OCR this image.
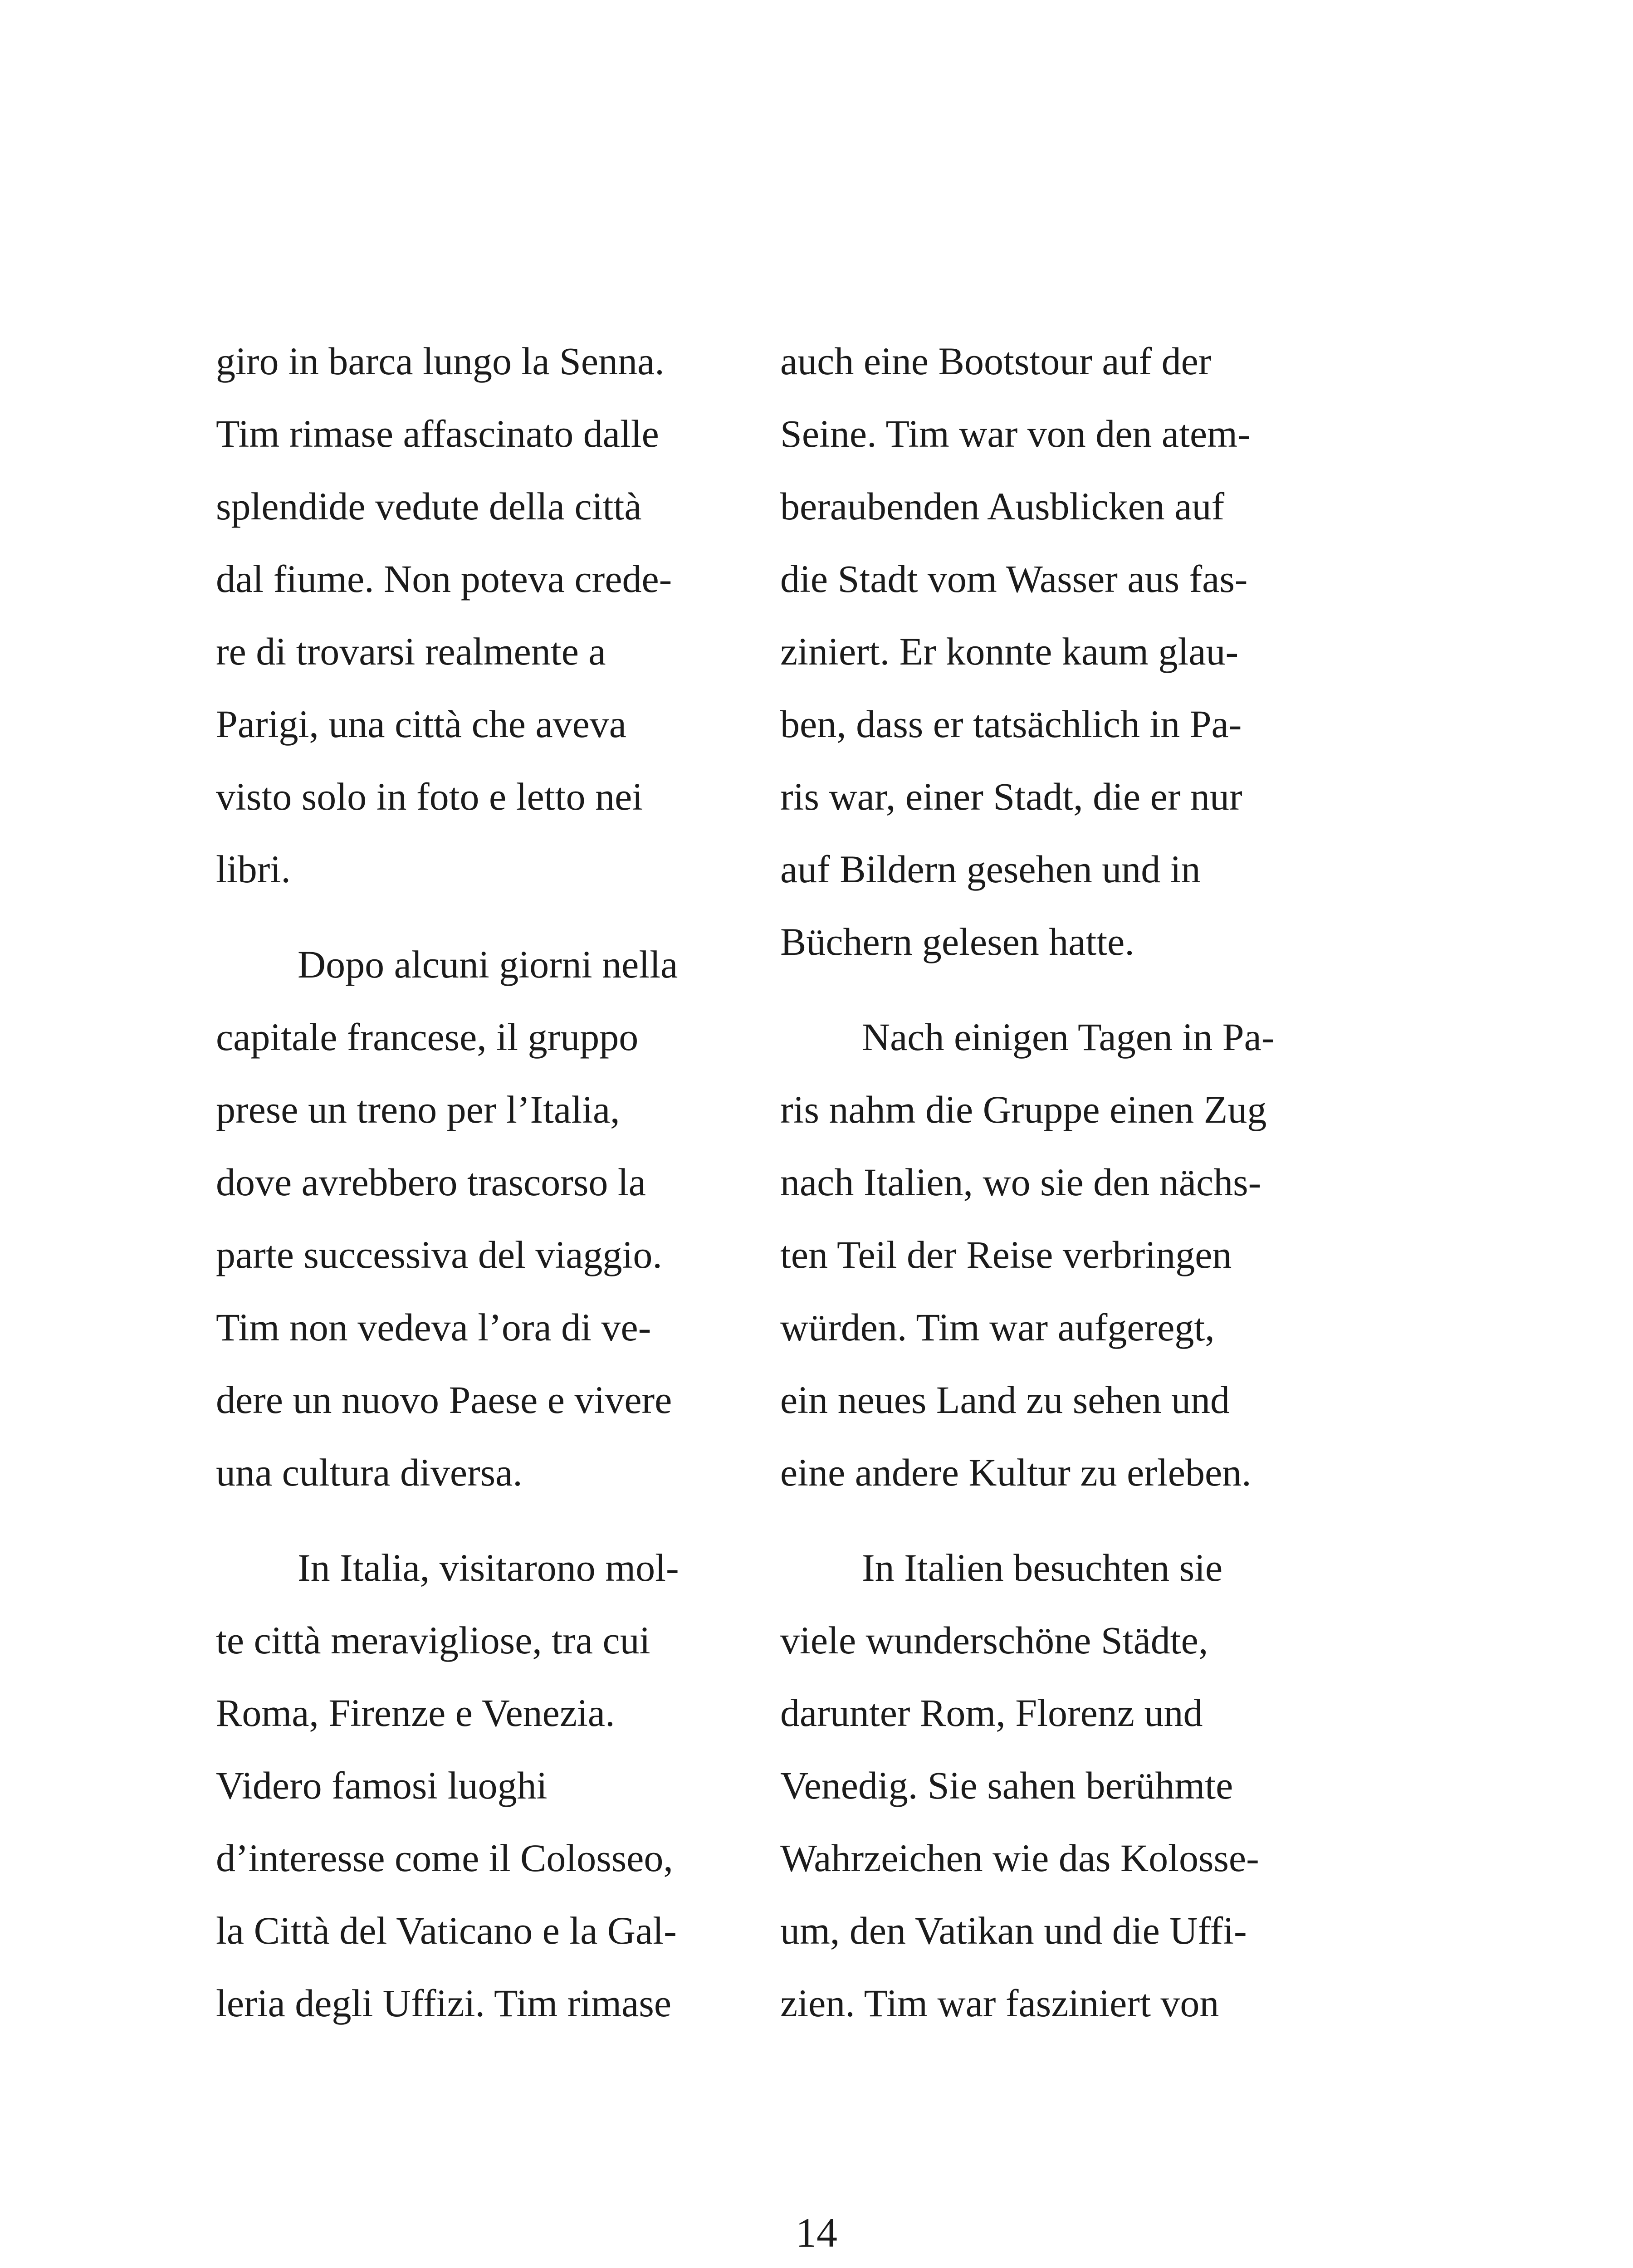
giro in barca lungo la Senna.
Tim rimase affascinato dalle
splendide vedute della città
dal fiume. Non poteva crede-
re di trovarsi realmente a
Parigi, una città che aveva
visto solo in foto e letto nei
libri.

Dopo alcuni giorni nella
capitale francese, il gruppo
prese un treno per l’Italia,
dove avrebbero trascorso la
parte successiva del viaggio.
Tim non vedeva l’ora di ve-
dere un nuovo Paese e vivere
una cultura diversa.

In Italia, visitarono mol-
te città meravigliose, tra cui
Roma, Firenze e Venezia.
Videro famosi luoghi
d’interesse come il Colosseo,
la Città del Vaticano e la Gal-
leria degli Uffizi. Tim rimase

auch eine Bootstour auf der
Seine. Tim war von den atem-
beraubenden Ausblicken auf
die Stadt vom Wasser aus fas-
ziniert. Er konnte kaum glau-
ben, dass er tatsächlich in Pa-
ris war, einer Stadt, die er nur
auf Bildern gesehen und in
Büchern gelesen hatte.

Nach einigen Tagen in Pa-
ris nahm die Gruppe einen Zug
nach Italien, wo sie den nächs-
ten Teil der Reise verbringen
würden. Tim war aufgeregt,
ein neues Land zu sehen und
eine andere Kultur zu erleben.

In Italien besuchten sie
viele wunderschöne Städte,
darunter Rom, Florenz und
Venedig. Sie sahen berühmte
Wahrzeichen wie das Kolosse-
um, den Vatikan und die Uffi-
zien. Tim war fasziniert von

14
